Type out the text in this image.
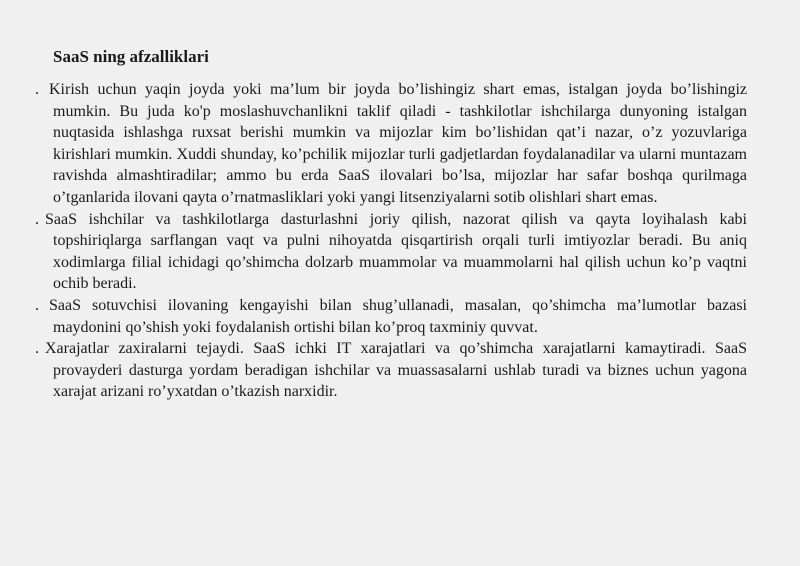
SaaS ning afzalliklari

. Kirish uchun yaqin joyda yoki ma’lum bir joyda bo’lishingiz shart emas, istalgan joyda bo’lishingiz mumkin. Bu juda ko'p moslashuvchanlikni taklif qiladi - tashkilotlar ishchilarga dunyoning istalgan nuqtasida ishlashga ruxsat berishi mumkin va mijozlar kim bo’lishidan qat’i nazar, o’z yozuvlariga kirishlari mumkin. Xuddi shunday, ko’pchilik mijozlar turli gadjetlardan foydalanadilar va ularni muntazam ravishda almashtiradilar; ammo bu erda SaaS ilovalari bo’lsa, mijozlar har safar boshqa qurilmaga o’tganlarida ilovani qayta o’rnatmasliklari yoki yangi litsenziyalarni sotib olishlari shart emas.

. SaaS ishchilar va tashkilotlarga dasturlashni joriy qilish, nazorat qilish va qayta loyihalash kabi topshiriqlarga sarflangan vaqt va pulni nihoyatda qisqartirish orqali turli imtiyozlar beradi. Bu aniq xodimlarga filial ichidagi qo’shimcha dolzarb muammolar va muammolarni hal qilish uchun ko’p vaqtni ochib beradi.

. SaaS sotuvchisi ilovaning kengayishi bilan shug’ullanadi, masalan, qo’shimcha ma’lumotlar bazasi maydonini qo’shish yoki foydalanish ortishi bilan ko’proq taxminiy quvvat.

. Xarajatlar zaxiralarni tejaydi. SaaS ichki IT xarajatlari va qo’shimcha xarajatlarni kamaytiradi. SaaS provayderi dasturga yordam beradigan ishchilar va muassasalarni ushlab turadi va biznes uchun yagona xarajat arizani ro’yxatdan o’tkazish narxidir.
